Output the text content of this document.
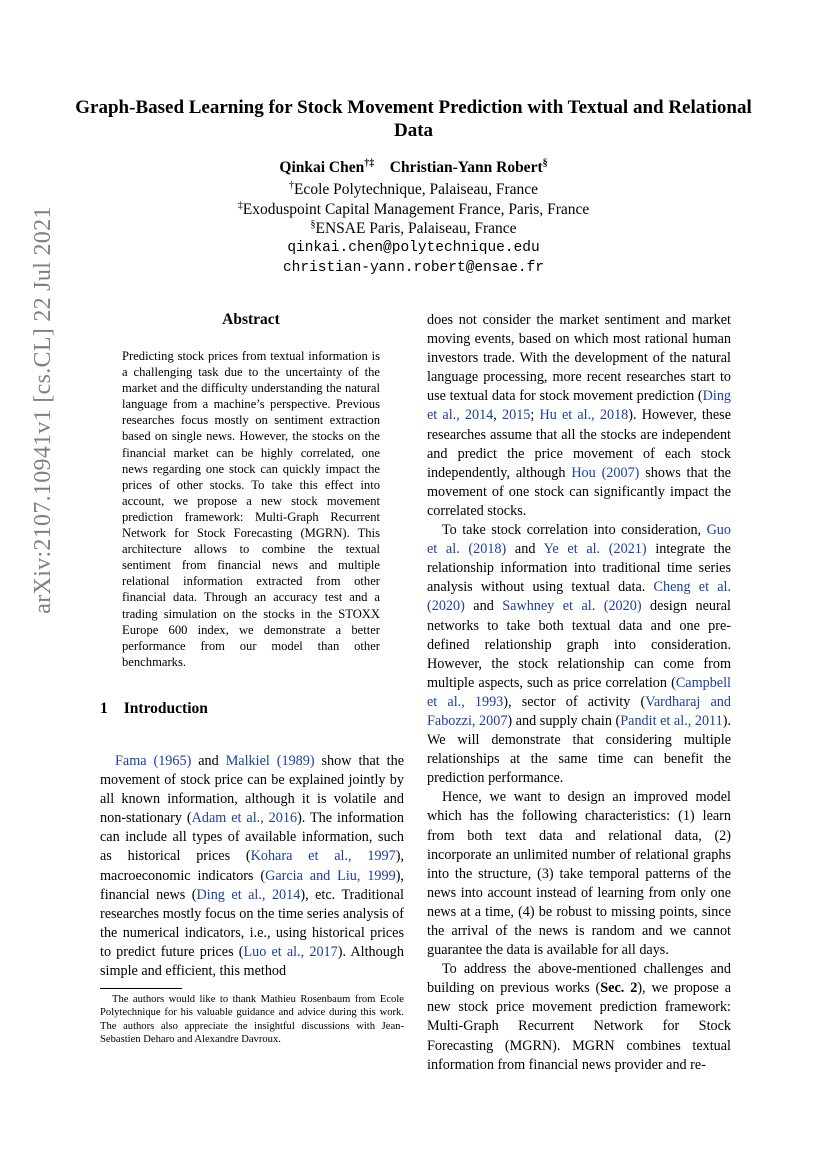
Graph-Based Learning for Stock Movement Prediction with Textual and Relational Data
Qinkai Chen†‡ Christian-Yann Robert§
†Ecole Polytechnique, Palaiseau, France
‡Exoduspoint Capital Management France, Paris, France
§ENSAE Paris, Palaiseau, France
qinkai.chen@polytechnique.edu
christian-yann.robert@ensae.fr
arXiv:2107.10941v1 [cs.CL] 22 Jul 2021	Abstract
Predicting stock prices from textual information is a challenging task due to the uncertainty of the market and the difficulty understanding the natural language from a machine’s perspective. Previous researches focus mostly on sentiment extraction based on single news. However, the stocks on the financial market can be highly correlated, one news regarding one stock can quickly impact the prices of other stocks. To take this effect into account, we propose a new stock movement prediction framework: Multi-Graph Recurrent Network for Stock Forecasting (MGRN). This architecture allows to combine the textual sentiment from financial news and multiple relational information extracted from other financial data. Through an accuracy test and a trading simulation on the stocks in the STOXX Europe 600 index, we demonstrate a better performance from our model than other benchmarks.
1 Introduction

Fama (1965) and Malkiel (1989) show that the movement of stock price can be explained jointly by all known information, although it is volatile and non-stationary (Adam et al., 2016). The information can include all types of available information, such as historical prices (Kohara et al., 1997), macroeconomic indicators (Garcia and Liu, 1999), financial news (Ding et al., 2014), etc. Traditional researches mostly focus on the time series analysis of the numerical indicators, i.e., using historical prices to predict future prices (Luo et al., 2017). Although simple and efficient, this method

does not consider the market sentiment and market moving events, based on which most rational human investors trade. With the development of the natural language processing, more recent researches start to use textual data for stock movement prediction (Ding et al., 2014, 2015; Hu et al., 2018). However, these researches assume that all the stocks are independent and predict the price movement of each stock independently, although Hou (2007) shows that the movement of one stock can significantly impact the correlated stocks.

To take stock correlation into consideration, Guo et al. (2018) and Ye et al. (2021) integrate the relationship information into traditional time series analysis without using textual data. Cheng et al. (2020) and Sawhney et al. (2020) design neural networks to take both textual data and one pre-defined relationship graph into consideration. However, the stock relationship can come from multiple aspects, such as price correlation (Campbell et al., 1993), sector of activity (Vardharaj and Fabozzi, 2007) and supply chain (Pandit et al., 2011). We will demonstrate that considering multiple relationships at the same time can benefit the prediction performance.

Hence, we want to design an improved model which has the following characteristics: (1) learn from both text data and relational data, (2) incorporate an unlimited number of relational graphs into the structure, (3) take temporal patterns of the news into account instead of learning from only one news at a time, (4) be robust to missing points, since the arrival of the news is random and we cannot guarantee the data is available for all days.

To address the above-mentioned challenges and building on previous works (Sec. 2), we propose a new stock price movement prediction framework: Multi-Graph Recurrent Network for Stock Forecasting (MGRN). MGRN combines textual information from financial news provider and re-

The authors would like to thank Mathieu Rosenbaum from Ecole Polytechnique for his valuable guidance and advice during this work. The authors also appreciate the insightful discussions with Jean-Sebastien Deharo and Alexandre Davroux.
